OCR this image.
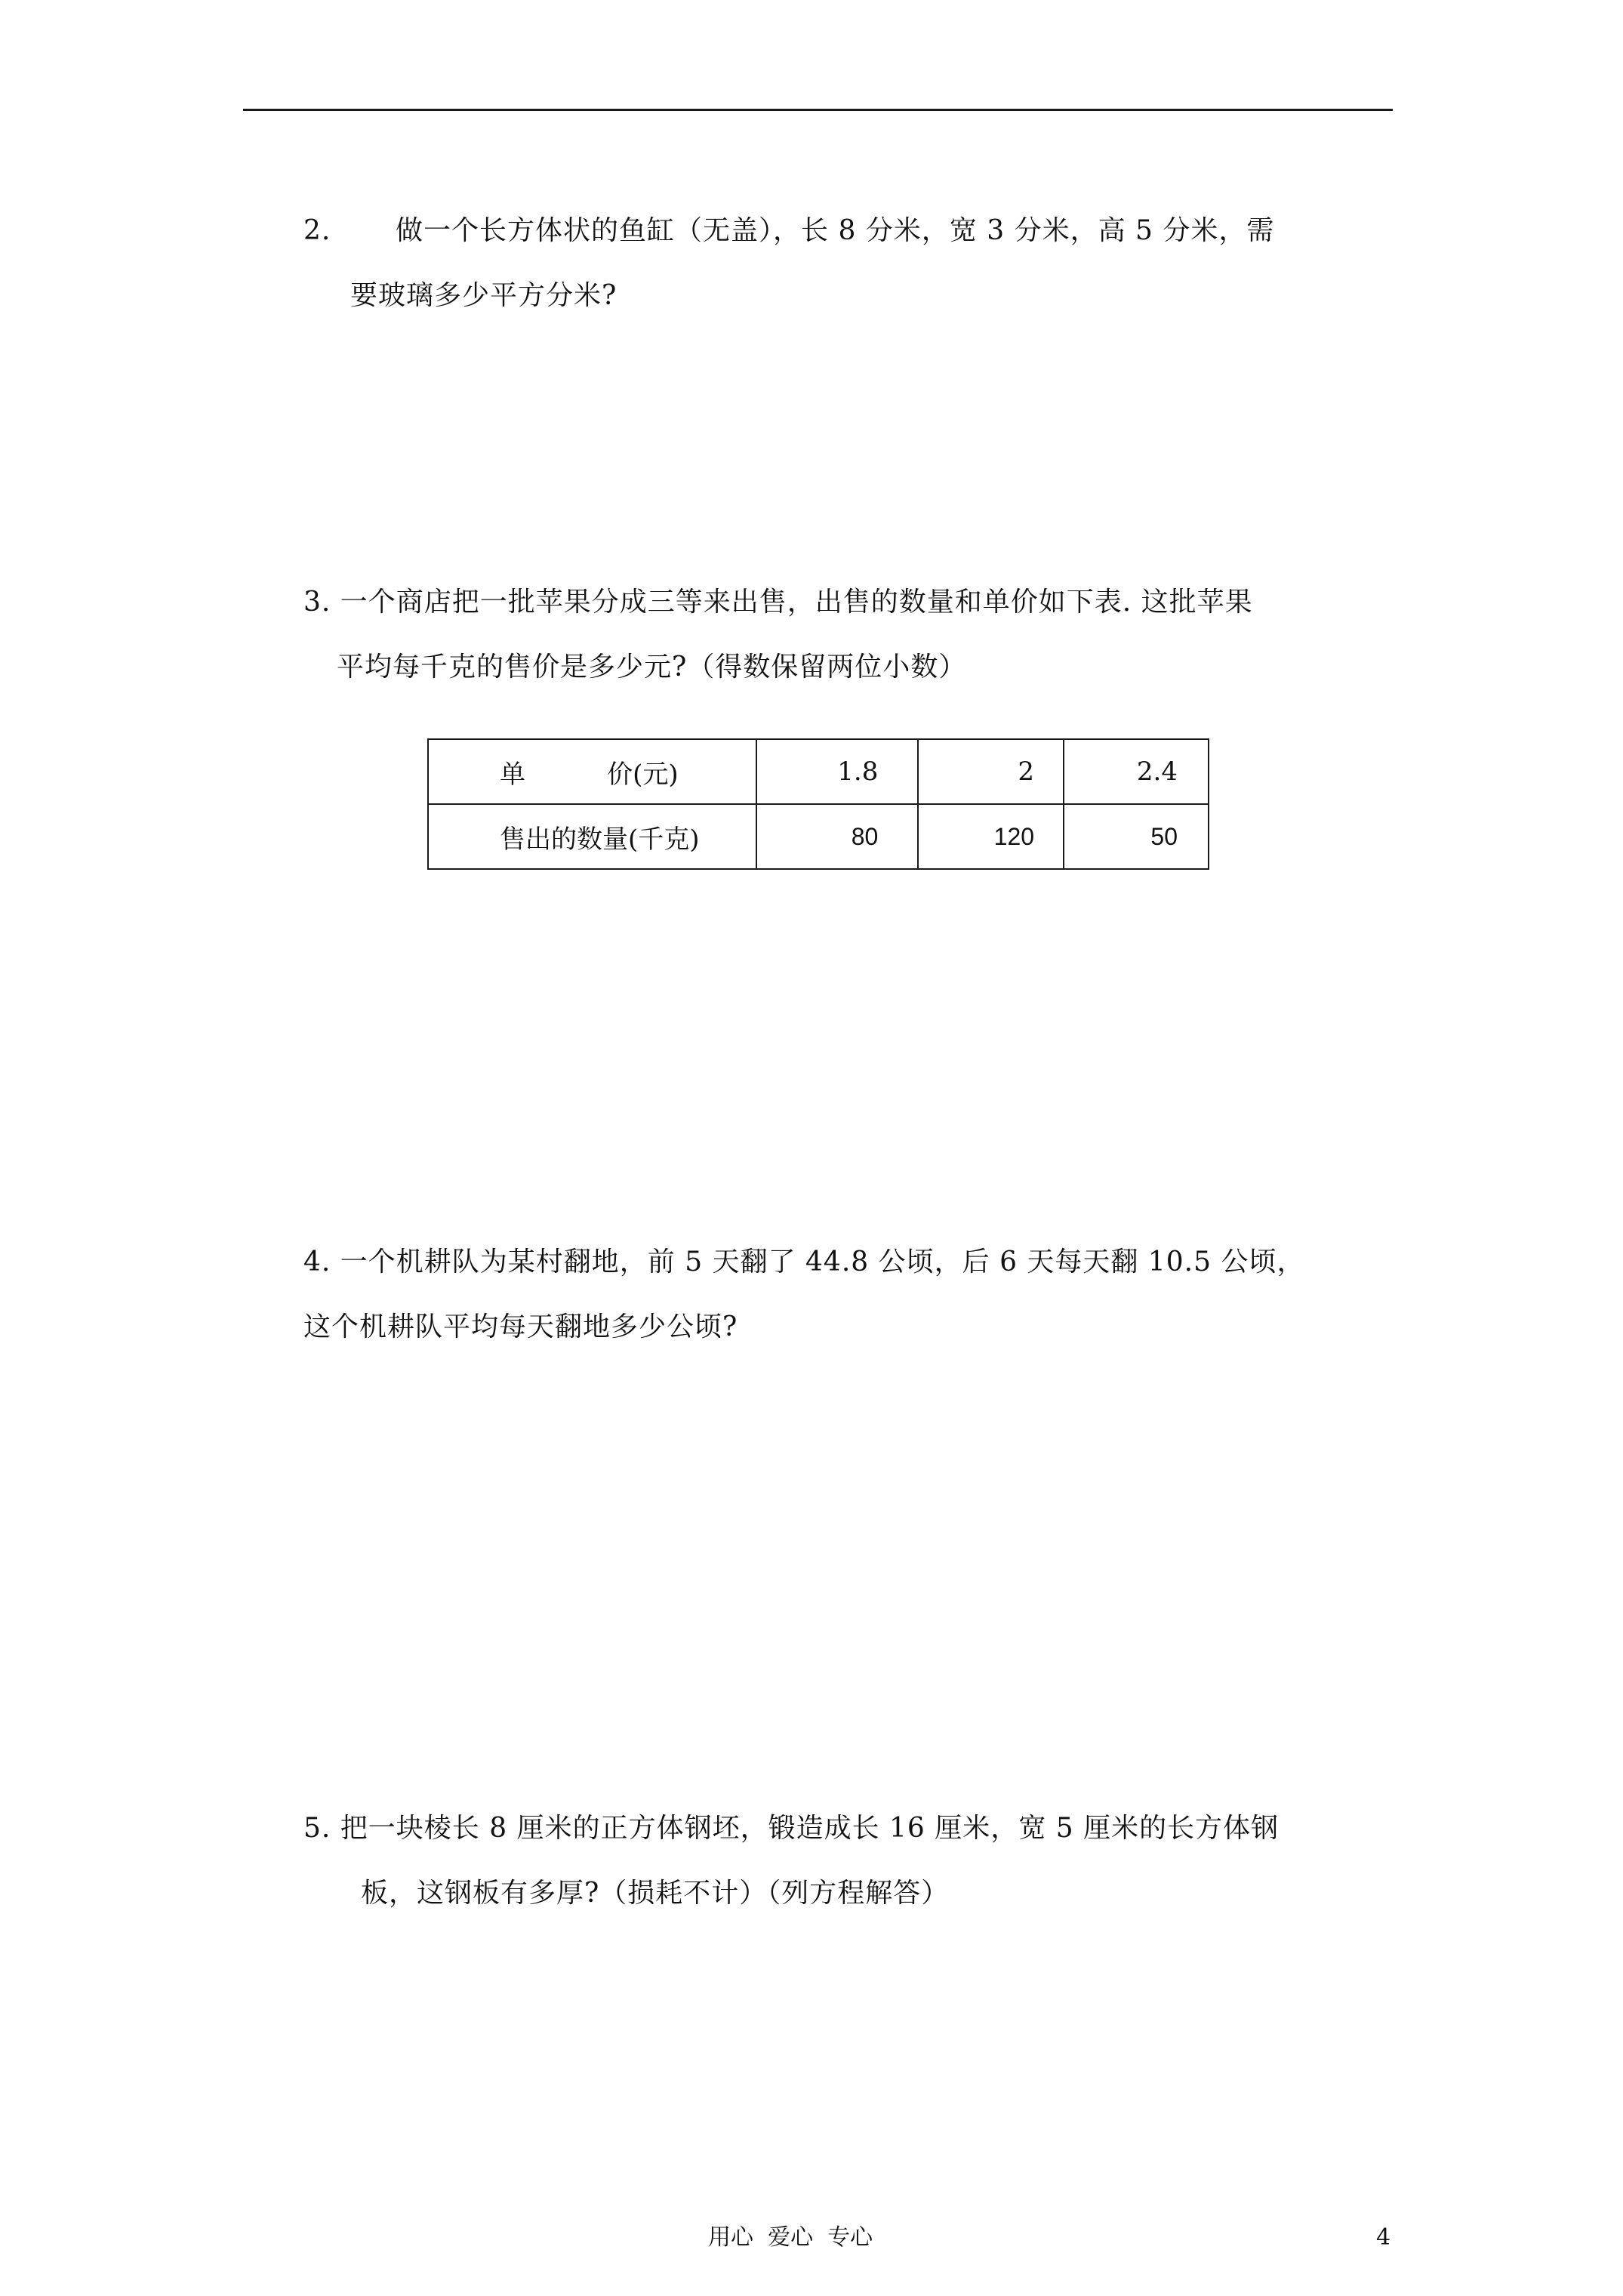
2. 做一个长方体状的鱼缸（无盖），长 8 分米，宽 3 分米，高 5 分米，需
要玻璃多少平方分米?
3. 一个商店把一批苹果分成三等来出售，出售的数量和单价如下表. 这批苹果
平均每千克的售价是多少元?（得数保留两位小数）
单          价(元)	1.8	2	2.4
售出的数量(千克)	80	120	50
4. 一个机耕队为某村翻地，前 5 天翻了 44.8 公顷，后 6 天每天翻 10.5 公顷，
这个机耕队平均每天翻地多少公顷?
5. 把一块棱长 8 厘米的正方体钢坯，锻造成长 16 厘米，宽 5 厘米的长方体钢
板，这钢板有多厚?（损耗不计）（列方程解答）
用心  爱心  专心	4
